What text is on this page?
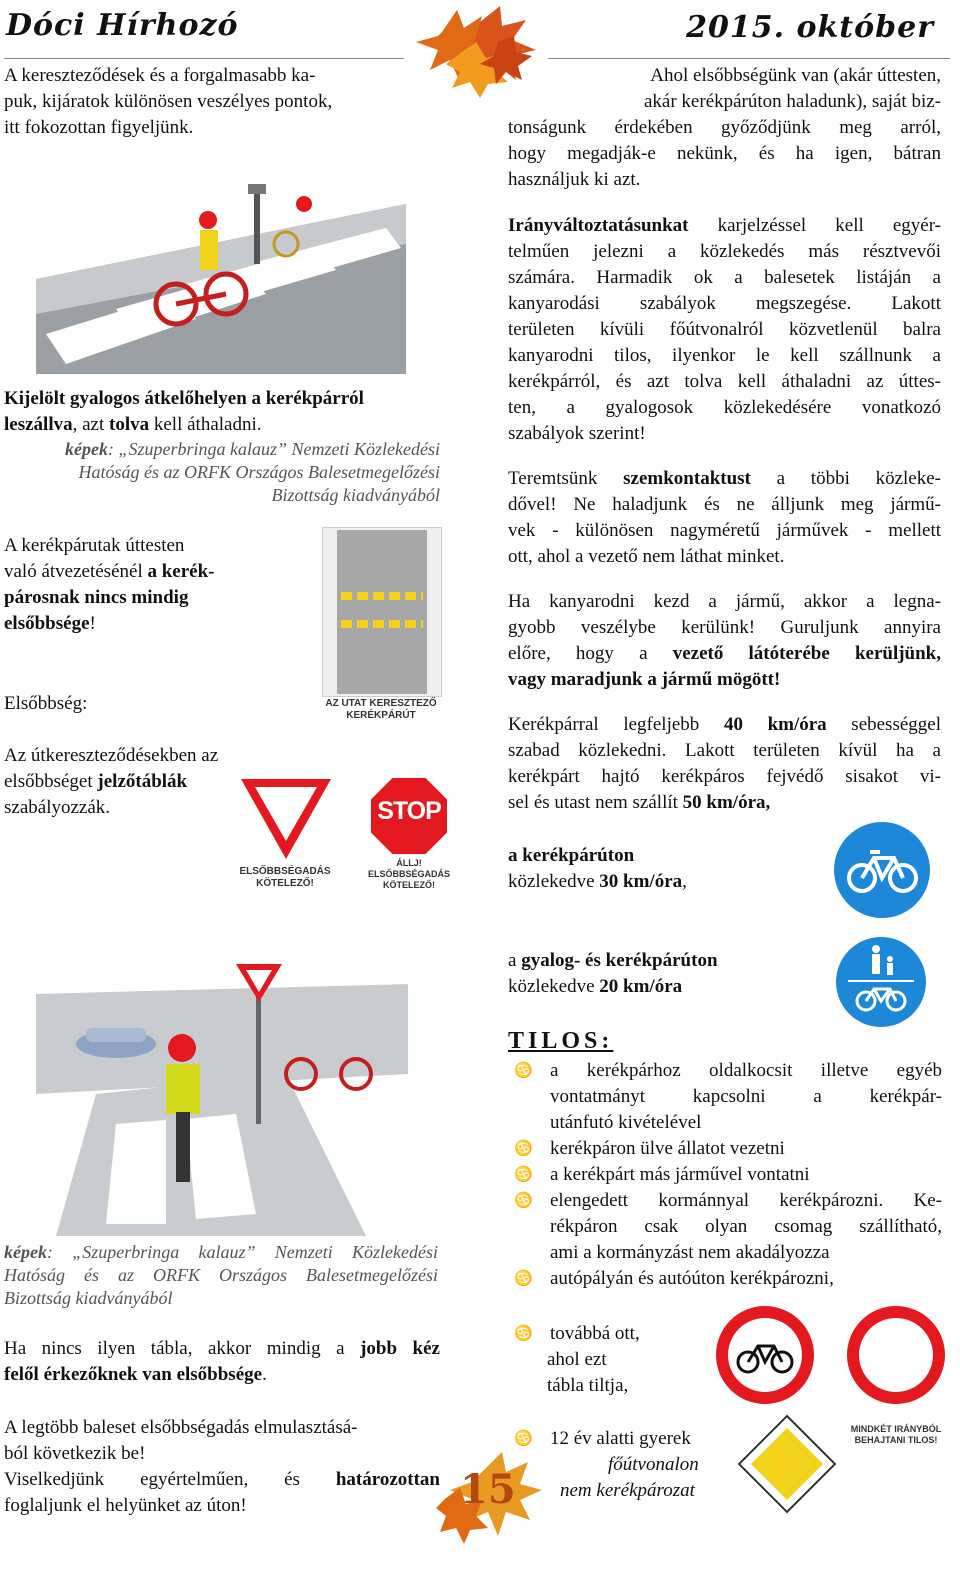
Dóci Hírhozó	2015. október
A kereszteződések és a forgalmasabb ka-
puk, kijáratok különösen veszélyes pontok,
itt fokozottan figyeljünk.
Kijelölt gyalogos átkelőhelyen a kerékpárról
leszállva, azt tolva kell áthaladni.
képek: „Szuperbringa kalauz” Nemzeti Közlekedési
Hatóság és az ORFK Országos Balesetmegelőzési
Bizottság kiadványából
A kerékpárutak úttesten
való átvezetésénél a kerék-
párosnak nincs mindig
elsőbbsége!
AZ UTAT KERESZTEZŐ
KERÉKPÁRÚT
Elsőbbség:
Az útkereszteződésekben az
elsőbbséget jelzőtáblák
szabályozzák.
ELSŐBBSÉGADÁS
KÖTELEZŐ!
STOP
ÁLLJ!
ELSŐBBSÉGADÁS
KÖTELEZŐ!
képek: „Szuperbringa kalauz” Nemzeti Közlekedési
Hatóság és az ORFK Országos Balesetmegelőzési
Bizottság kiadványából
Ha nincs ilyen tábla, akkor mindig a jobb kéz
felől érkezőknek van elsőbbsége.
A legtöbb baleset elsőbbségadás elmulasztásá-
ból következik be!
Viselkedjünk egyértelműen, és határozottan
foglaljunk el helyünket az úton!	15
Ahol elsőbbségünk van (akár úttesten,
akár kerékpárúton haladunk), saját biz-
tonságunk érdekében győződjünk meg arról,
hogy megadják-e nekünk, és ha igen, bátran
használjuk ki azt.
Irányváltoztatásunkat karjelzéssel kell egyér-
telműen jelezni a közlekedés más résztvevői
számára. Harmadik ok a balesetek listáján a
kanyarodási szabályok megszegése. Lakott
területen kívüli főútvonalról közvetlenül balra
kanyarodni tilos, ilyenkor le kell szállnunk a
kerékpárról, és azt tolva kell áthaladni az úttes-
ten, a gyalogosok közlekedésére vonatkozó
szabályok szerint!
Teremtsünk szemkontaktust a többi közleke-
dővel! Ne haladjunk és ne álljunk meg jármű-
vek - különösen nagyméretű járművek - mellett
ott, ahol a vezető nem láthat minket.
Ha kanyarodni kezd a jármű, akkor a legna-
gyobb veszélybe kerülünk! Guruljunk annyira
előre, hogy a vezető látóterébe kerüljünk,
vagy maradjunk a jármű mögött!
Kerékpárral legfeljebb 40 km/óra sebességgel
szabad közlekedni. Lakott területen kívül ha a
kerékpárt hajtó kerékpáros fejvédő sisakot vi-
sel és utast nem szállít 50 km/óra,
a kerékpárúton
közlekedve 30 km/óra,
a gyalog- és kerékpárúton
közlekedve 20 km/óra
TILOS:
♋ a kerékpárhoz oldalkocsit illetve egyéb
vontatmányt kapcsolni a kerékpár-
utánfutó kivételével
♋ kerékpáron ülve állatot vezetni
♋ a kerékpárt más járművel vontatni
♋ elengedett kormánnyal kerékpározni. Ke-
rékpáron csak olyan csomag szállítható,
ami a kormányzást nem akadályozza
♋ autópályán és autóúton kerékpározni,
♋ továbbá ott,
ahol ezt
tábla tiltja,
MINDKÉT IRÁNYBÓL
BEHAJTANI TILOS!
♋ 12 év alatti gyerek
főútvonalon
nem kerékpározat
